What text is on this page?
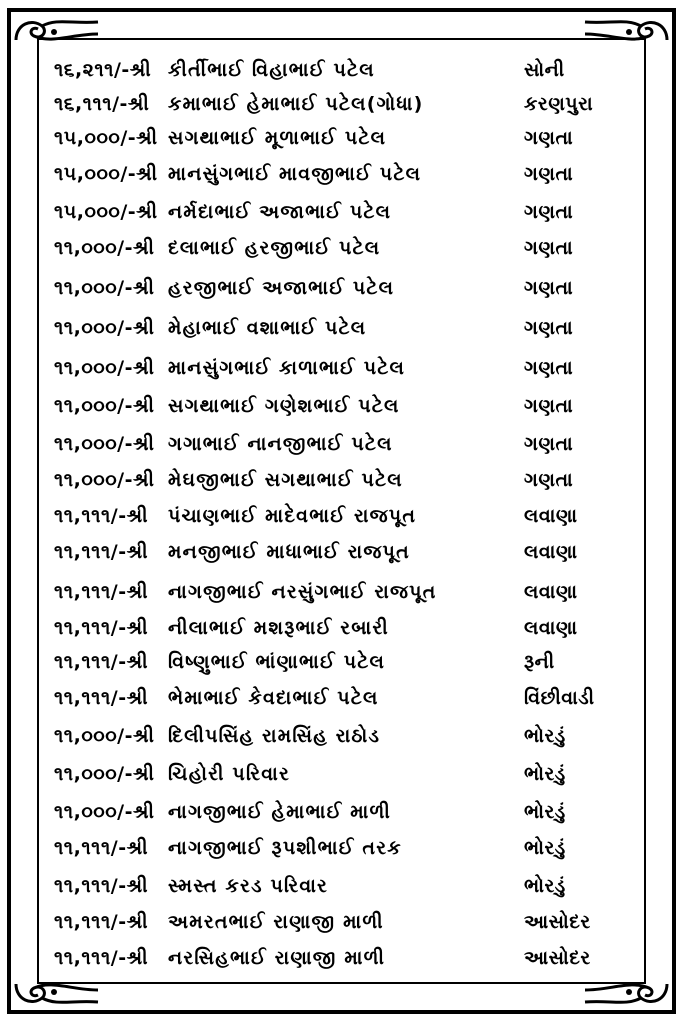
૧૬,૨૧૧/-શ્રી કીર્તીભાઈ વિહાભાઈ પટેલ	સોની
૧૬,૧૧૧/-શ્રી કમાભાઈ હેમાભાઈ પટેલ(ગોધા)	કરણપુરા
૧૫,૦૦૦/-શ્રી સગથાભાઈ મૂળાભાઈ પટેલ	ગણતા
૧૫,૦૦૦/-શ્રી માનસુંગભાઈ માવજીભાઈ પટેલ	ગણતા
૧૫,૦૦૦/-શ્રી નર્મદાભાઈ અજાભાઈ પટેલ	ગણતા
૧૧,૦૦૦/-શ્રી દલાભાઈ હરજીભાઈ પટેલ	ગણતા
૧૧,૦૦૦/-શ્રી હરજીભાઈ અજાભાઈ પટેલ	ગણતા
૧૧,૦૦૦/-શ્રી મેહાભાઈ વશાભાઈ પટેલ	ગણતા
૧૧,૦૦૦/-શ્રી માનસુંગભાઈ કાળાભાઈ પટેલ	ગણતા
૧૧,૦૦૦/-શ્રી સગથાભાઈ ગણેશભાઈ પટેલ	ગણતા
૧૧,૦૦૦/-શ્રી ગગાભાઈ નાનજીભાઈ પટેલ	ગણતા
૧૧,૦૦૦/-શ્રી મેઘજીભાઈ સગથાભાઈ પટેલ	ગણતા
૧૧,૧૧૧/-શ્રી	પંચાણભાઈ માદેવભાઈ રાજપૂત	લવાણા
૧૧,૧૧૧/-શ્રી	મનજીભાઈ માધાભાઈ રાજપૂત	લવાણા
૧૧,૧૧૧/-શ્રી	નાગજીભાઈ નરસુંગભાઈ રાજપૂત	લવાણા
૧૧,૧૧૧/-શ્રી	નીલાભાઈ મશરૂભાઈ રબારી	લવાણા
૧૧,૧૧૧/-શ્રી	વિષ્ણુભાઈ ભાંણાભાઈ પટેલ	રૂની
૧૧,૧૧૧/-શ્રી	ભેમાભાઈ કેવદાભાઈ પટેલ	વિંછીવાડી
૧૧,૦૦૦/-શ્રી દિલીપસિંહ રામસિંહ રાઠોડ	ભોરડું
૧૧,૦૦૦/-શ્રી ચિહોરી પરિવાર	ભોરડું
૧૧,૦૦૦/-શ્રી નાગજીભાઈ હેમાભાઈ માળી	ભોરડું
૧૧,૧૧૧/-શ્રી	નાગજીભાઈ રૂપશીભાઈ તરક	ભોરડું
૧૧,૧૧૧/-શ્રી	સ્મસ્ત કરડ પરિવાર	ભોરડું
૧૧,૧૧૧/-શ્રી	અમરતભાઈ રાણાજી માળી	આસોદર
૧૧,૧૧૧/-શ્રી	નરસિહભાઈ રાણાજી માળી	આસોદર
